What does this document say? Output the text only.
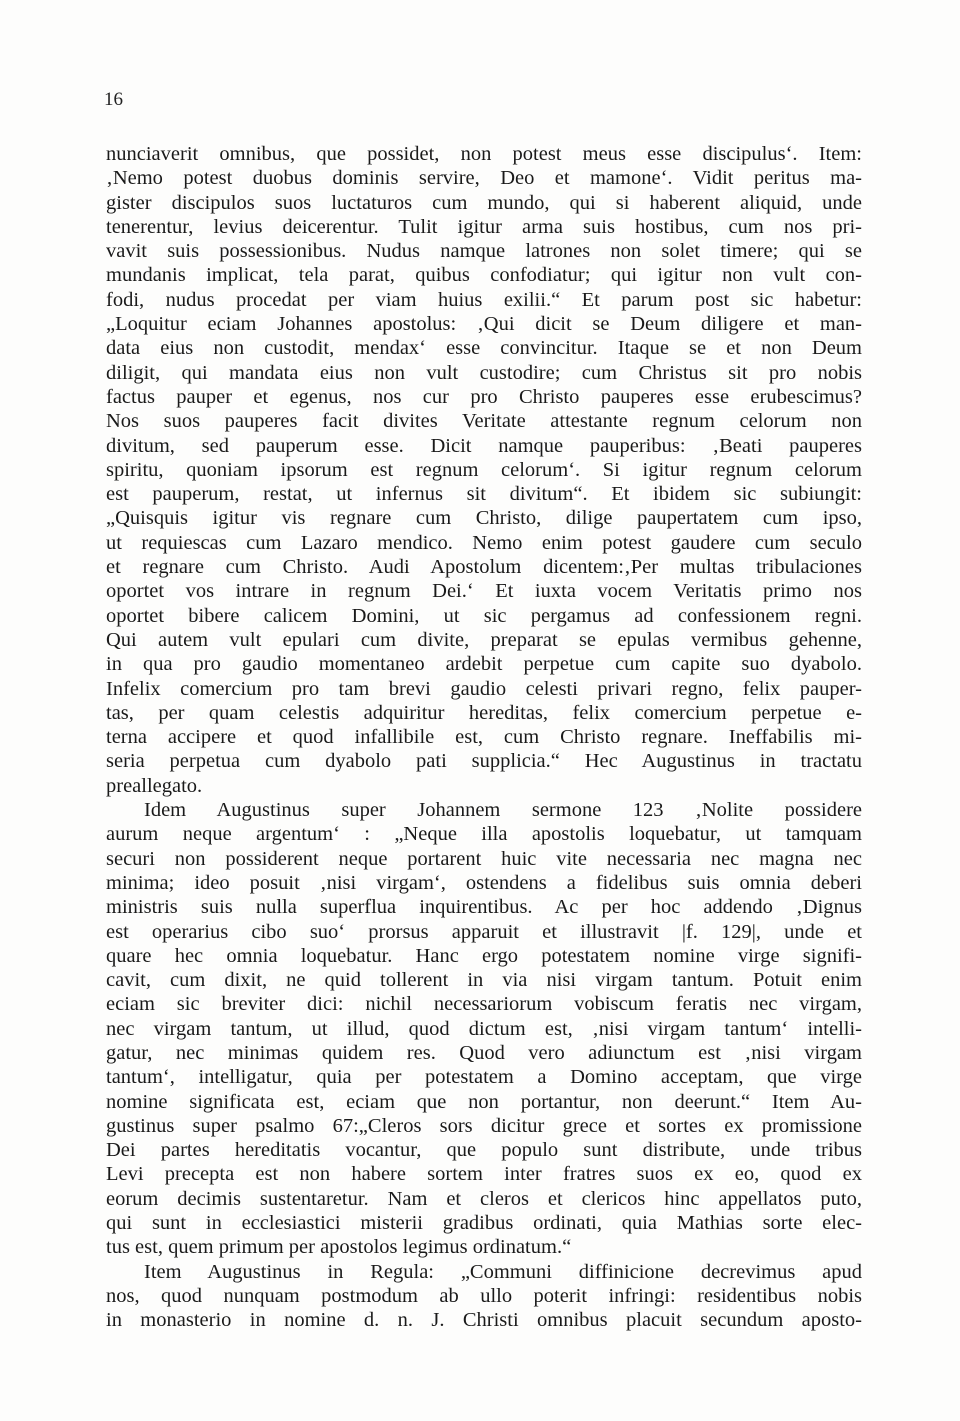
16
nunciaverit omnibus, que possidet, non potest meus esse discipulus‘. Item:
‚Nemo potest duobus dominis servire, Deo et mamone‘. Vidit peritus ma-
gister discipulos suos luctaturos cum mundo, qui si haberent aliquid, unde
tenerentur, levius deicerentur. Tulit igitur arma suis hostibus, cum nos pri-
vavit suis possessionibus. Nudus namque latrones non solet timere; qui se
mundanis implicat, tela parat, quibus confodiatur; qui igitur non vult con-
fodi, nudus procedat per viam huius exilii.“ Et parum post sic habetur:
„Loquitur eciam Johannes apostolus: ‚Qui dicit se Deum diligere et man-
data eius non custodit, mendax‘ esse convincitur. Itaque se et non Deum
diligit, qui mandata eius non vult custodire; cum Christus sit pro nobis
factus pauper et egenus, nos cur pro Christo pauperes esse erubescimus?
Nos suos pauperes facit divites Veritate attestante regnum celorum non
divitum, sed pauperum esse. Dicit namque pauperibus: ‚Beati pauperes
spiritu, quoniam ipsorum est regnum celorum‘. Si igitur regnum celorum
est pauperum, restat, ut infernus sit divitum“. Et ibidem sic subiungit:
„Quisquis igitur vis regnare cum Christo, dilige paupertatem cum ipso,
ut requiescas cum Lazaro mendico. Nemo enim potest gaudere cum seculo
et regnare cum Christo. Audi Apostolum dicentem:‚Per multas tribulaciones
oportet vos intrare in regnum Dei.‘ Et iuxta vocem Veritatis primo nos
oportet bibere calicem Domini, ut sic pergamus ad confessionem regni.
Qui autem vult epulari cum divite, preparat se epulas vermibus gehenne,
in qua pro gaudio momentaneo ardebit perpetue cum capite suo dyabolo.
Infelix comercium pro tam brevi gaudio celesti privari regno, felix pauper-
tas, per quam celestis adquiritur hereditas, felix comercium perpetue e-
terna accipere et quod infallibile est, cum Christo regnare. Ineffabilis mi-
seria perpetua cum dyabolo pati supplicia.“ Hec Augustinus in tractatu
preallegato.
Idem Augustinus super Johannem sermone 123 ‚Nolite possidere
aurum neque argentum‘ : „Neque illa apostolis loquebatur, ut tamquam
securi non possiderent neque portarent huic vite necessaria nec magna nec
minima; ideo posuit ‚nisi virgam‘, ostendens a fidelibus suis omnia deberi
ministris suis nulla superflua inquirentibus. Ac per hoc addendo ‚Dignus
est operarius cibo suo‘ prorsus apparuit et illustravit |f. 129|, unde et
quare hec omnia loquebatur. Hanc ergo potestatem nomine virge signifi-
cavit, cum dixit, ne quid tollerent in via nisi virgam tantum. Potuit enim
eciam sic breviter dici: nichil necessariorum vobiscum feratis nec virgam,
nec virgam tantum, ut illud, quod dictum est, ‚nisi virgam tantum‘ intelli-
gatur, nec minimas quidem res. Quod vero adiunctum est ‚nisi virgam
tantum‘, intelligatur, quia per potestatem a Domino acceptam, que virge
nomine significata est, eciam que non portantur, non deerunt.“ Item Au-
gustinus super psalmo 67:„Cleros sors dicitur grece et sortes ex promissione
Dei partes hereditatis vocantur, que populo sunt distribute, unde tribus
Levi precepta est non habere sortem inter fratres suos ex eo, quod ex
eorum decimis sustentaretur. Nam et cleros et clericos hinc appellatos puto,
qui sunt in ecclesiastici misterii gradibus ordinati, quia Mathias sorte elec-
tus est, quem primum per apostolos legimus ordinatum.“
Item Augustinus in Regula: „Communi diffinicione decrevimus apud
nos, quod nunquam postmodum ab ullo poterit infringi: residentibus nobis
in monasterio in nomine d. n. J. Christi omnibus placuit secundum aposto-
